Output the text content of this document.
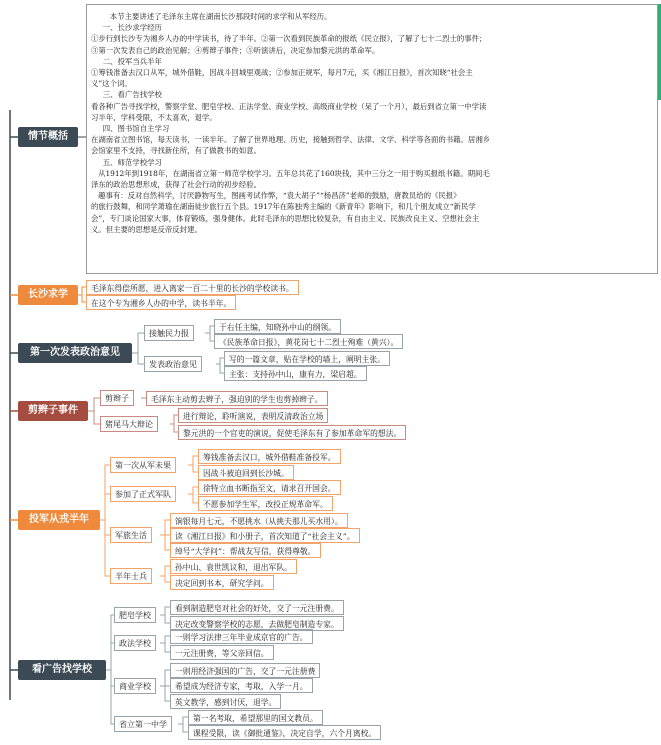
本节主要讲述了毛泽东主席在湖南长沙那段时间的求学和从军经历。
一、长沙求学经历
①步行到长沙专为湘乡人办的中学读书，待了半年。②第一次看到民族革命的报纸《民立报》，了解了七十二烈士的事件；
③第一次发表自己的政治见解；④剪辫子事件；⑤听演讲后，决定参加黎元洪的革命军。
二、投军当兵半年
①筹钱准备去汉口从军，城外借鞋，因战斗回城里观战；②参加正规军，每月7元，买《湘江日报》，首次知晓“社会主
义”这个词。
三、看广告找学校
看各种广告寻找学校，警察学堂、肥皂学校、正法学堂、商业学校、高级商业学校（呆了一个月），最后到省立第一中学读
习半年，学科受限，不太喜欢，退学。
四、图书馆自主学习
在湖南省立图书馆，每天读书，一读半年。了解了世界地理、历史，接触到哲学、法律、文学、科学等各面的书籍。居湘乡
会馆家里不支持，寻找新住所，有了做教书的如意。
五、师范学校学习
从1912年到1918年，在湖南省立第一师范学校学习。五年总共花了160块钱，其中三分之一用于购买报纸书籍。期间毛
泽东的政治思想形成，获得了社会行动的初步经验。
趣事有：反对自然科学，讨厌静物写生，图画考试作弊，“袁大胡子”“杨昌济”老师的鼓励，唐教员给的《民报》
的旅行鼓舞，和同学萧瑜在湖南徒步旅行五个县。1917年在陈独秀主编的《新青年》影响下，和几个朋友成立“新民学
会”，专门谈论国家大事，体育锻炼，强身健体。此时毛泽东的思想比较复杂，有自由主义、民族改良主义、空想社会主
义。但主要的思想是反帝反封建。
情节概括
长沙求学
第一次发表政治意见
剪辫子事件
投军从戎半年
看广告找学校
毛泽东得偿所愿，进入离家一百二十里的长沙的学校读书。
在这个专为湘乡人办的中学，读书半年。
接触民力报
于右任主编，知晓孙中山的纲领。
《民族革命日报》，黄花岗七十二烈士殉难（黄兴）。
发表政治意见
写的一篇文章，贴在学校的墙上，阐明主张。
主张：支持孙中山，康有力，梁启超。
剪辫子	毛泽东主动剪去辫子，强迫别的学生也剪掉辫子。
猪尾马大辩论
进行辩论，聆听演说，表明反清政治立场
黎元洪的一个官吏的演说，促使毛泽东有了参加革命军的想法。
第一次从军未果
筹钱准备去汉口，城外借鞋准备投军。
因战斗被迫回到长沙城。
参加了正式军队
徐特立血书断指至文，请求召开国会。
不愿参加学生军，改投正规革命军。
军旅生活
饷银每月七元，不愿挑水（从挑夫那儿买水用）。
读《湘江日报》和小册子，首次知道了“社会主义”。
绰号“大学问”：帮战友写信，获得尊敬。
半年士兵
孙中山、袁世凯议和，退出军队。
决定回到书本，研究学问。
肥皂学校
看到制造肥皂对社会的好处，交了一元注册费。
决定改变警察学校的志愿，去做肥皂制造专家。
政法学校
一则学习法律三年毕业成京官的广告。
一元注册费，等父亲回信。
商业学校
一则用经济强国的广告，交了一元注册费
希望成为经济专家，考取，入学一月。
英文教学，感到讨厌，退学。
省立第一中学
第一名考取，希望那里的国文教员。
课程受限，读《御批通鉴》，决定自学，六个月离校。
